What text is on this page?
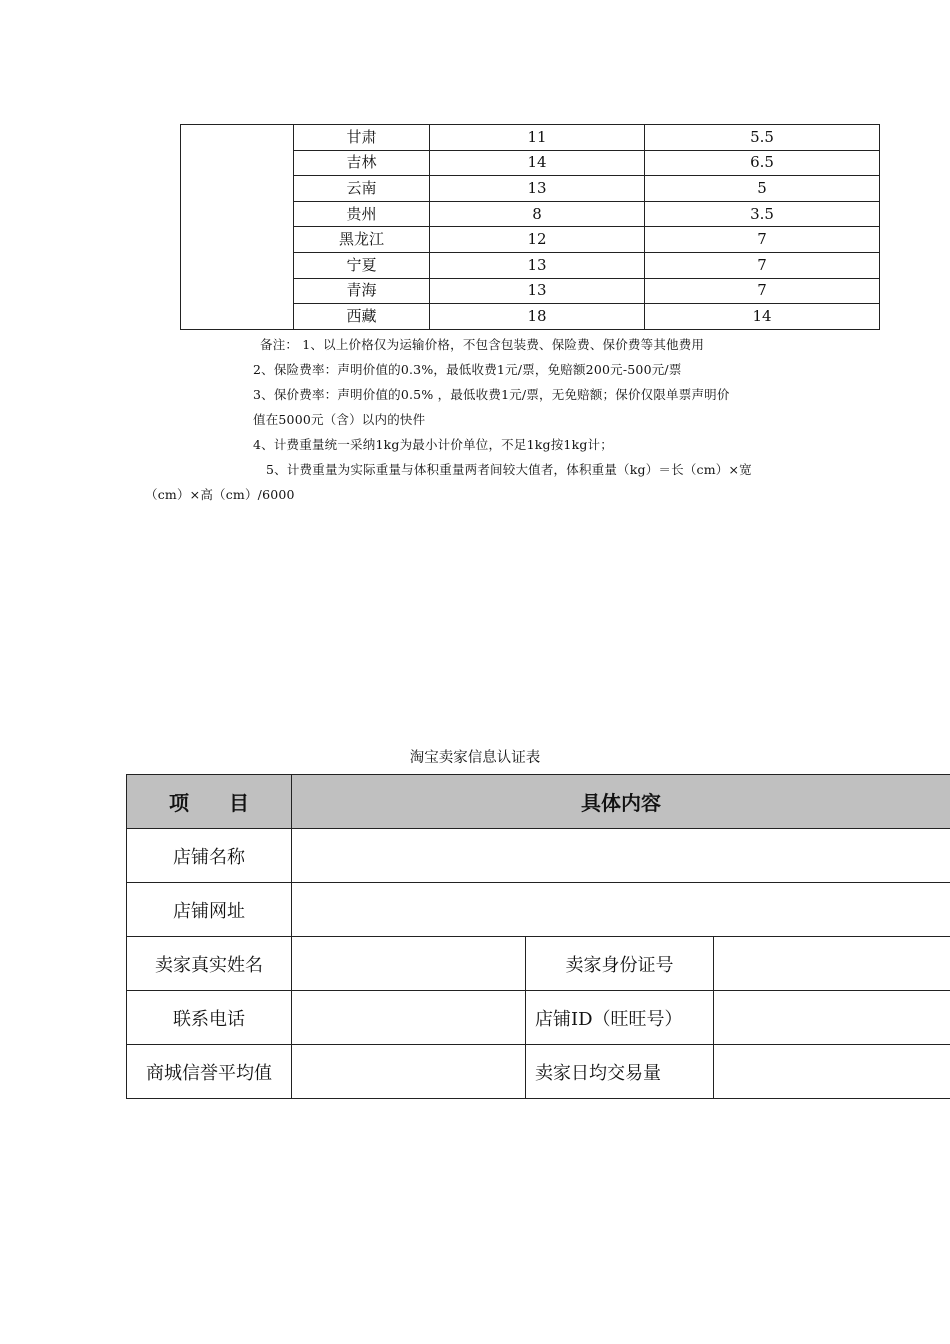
	甘肃	11	5.5
	吉林	14	6.5
	云南	13	5
	贵州	8	3.5
	黑龙江	12	7
	宁夏	13	7
	青海	13	7
	西藏	18	14
备注： 1、以上价格仅为运输价格，不包含包装费、保险费、保价费等其他费用
2、保险费率：声明价值的0.3%，最低收费1元/票，免赔额200元-500元/票
3、保价费率：声明价值的0.5% ，最低收费1元/票，无免赔额；保价仅限单票声明价
值在5000元（含）以内的快件
4、计费重量统一采纳1kg为最小计价单位，不足1kg按1kg计；
5、计费重量为实际重量与体积重量两者间较大值者，体积重量（kg）＝长（cm）×宽
（cm）×高（cm）/6000
淘宝卖家信息认证表
项　　目	具体内容		
店铺名称			
店铺网址			
卖家真实姓名		卖家身份证号	
联系电话		店铺ID（旺旺号）	
商城信誉平均值		卖家日均交易量	
